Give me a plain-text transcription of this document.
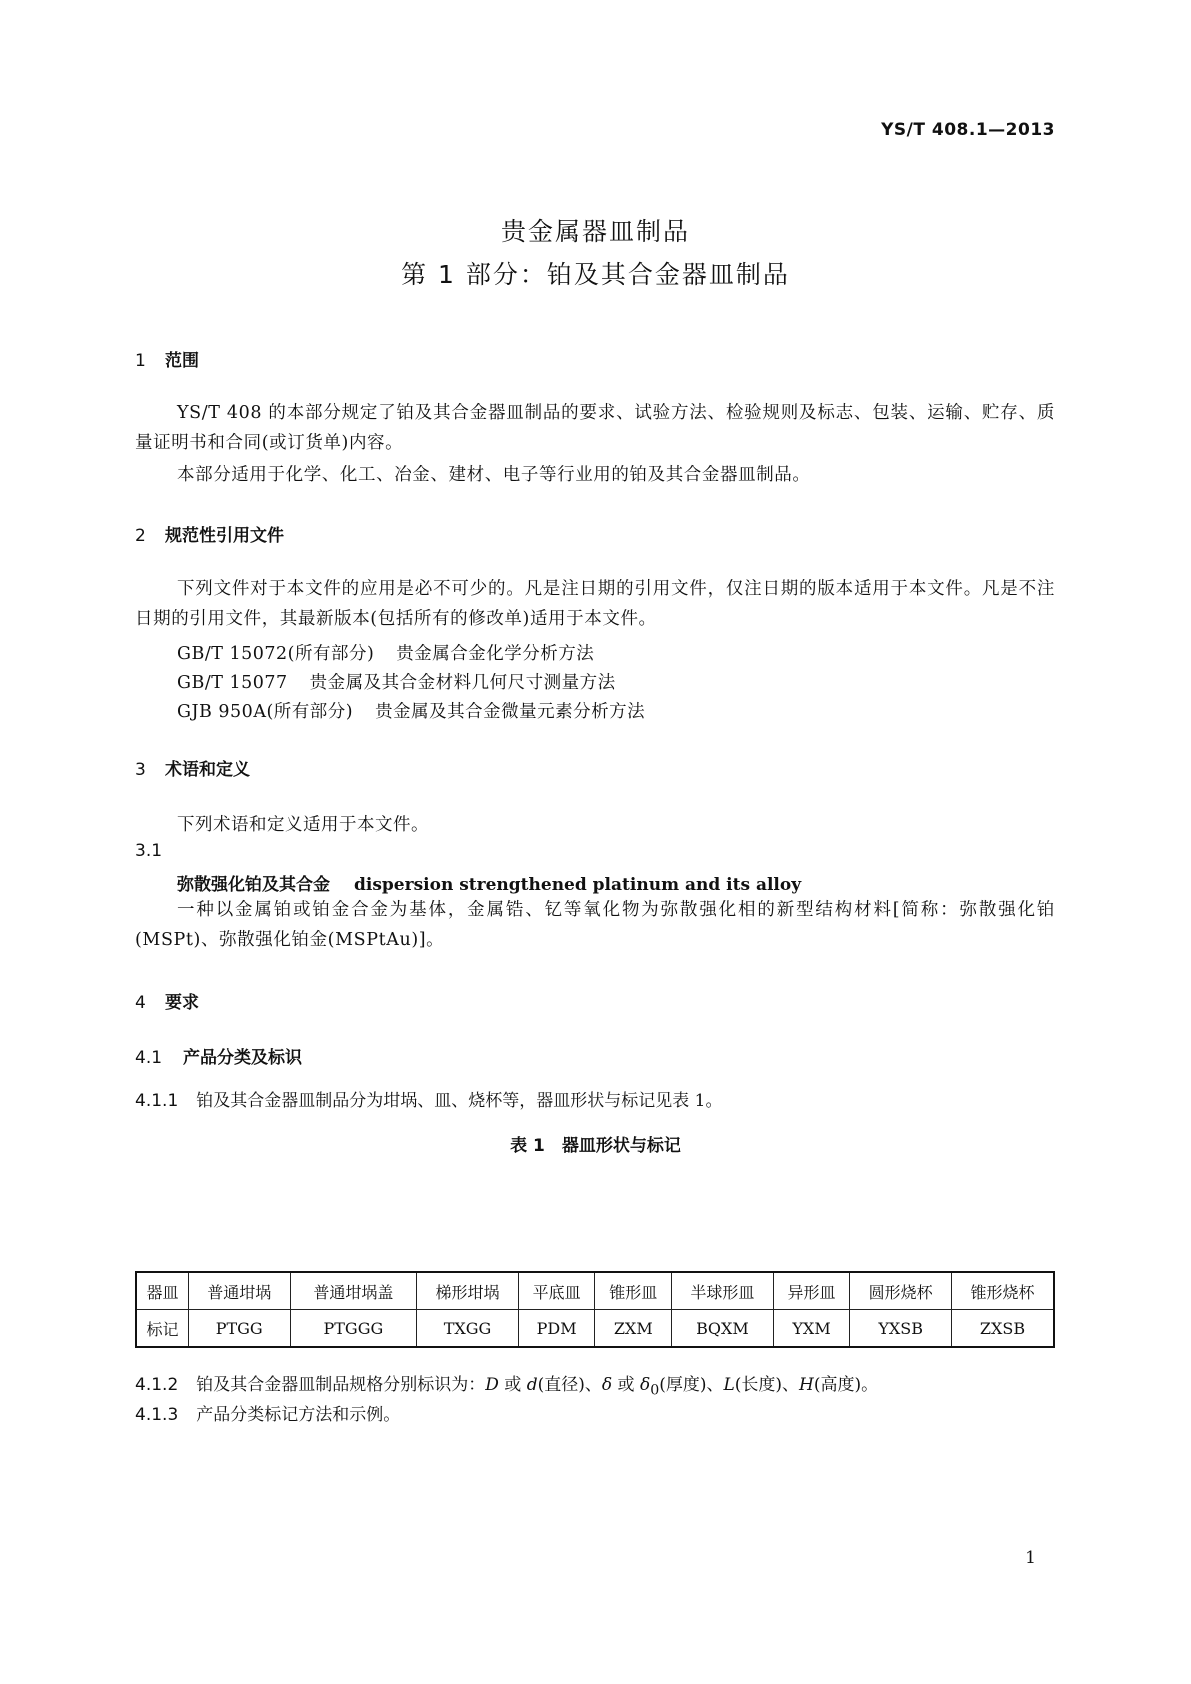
YS/T 408.1—2013
贵金属器皿制品
第 1 部分：铂及其合金器皿制品
1 范围
YS/T 408 的本部分规定了铂及其合金器皿制品的要求、试验方法、检验规则及标志、包装、运输、贮存、质量证明书和合同(或订货单)内容。
本部分适用于化学、化工、冶金、建材、电子等行业用的铂及其合金器皿制品。
2 规范性引用文件
下列文件对于本文件的应用是必不可少的。凡是注日期的引用文件，仅注日期的版本适用于本文件。凡是不注日期的引用文件，其最新版本(包括所有的修改单)适用于本文件。
GB/T 15072(所有部分) 贵金属合金化学分析方法
GB/T 15077 贵金属及其合金材料几何尺寸测量方法
GJB 950A(所有部分) 贵金属及其合金微量元素分析方法
3 术语和定义
下列术语和定义适用于本文件。
3.1
弥散强化铂及其合金 dispersion strengthened platinum and its alloy
一种以金属铂或铂金合金为基体，金属锆、钇等氧化物为弥散强化相的新型结构材料[简称：弥散强化铂(MSPt)、弥散强化铂金(MSPtAu)]。
4 要求
4.1 产品分类及标识
4.1.1 铂及其合金器皿制品分为坩埚、皿、烧杯等，器皿形状与标记见表 1。
表 1　器皿形状与标记
器皿	普通坩埚	普通坩埚盖	梯形坩埚	平底皿	锥形皿	半球形皿	异形皿	圆形烧杯	锥形烧杯
标记	PTGG	PTGGG	TXGG	PDM	ZXM	BQXM	YXM	YXSB	ZXSB
4.1.2 铂及其合金器皿制品规格分别标识为：D 或 d(直径)、δ 或 $\delta_0$(厚度)、L(长度)、H(高度)。
4.1.3 产品分类标记方法和示例。
1
